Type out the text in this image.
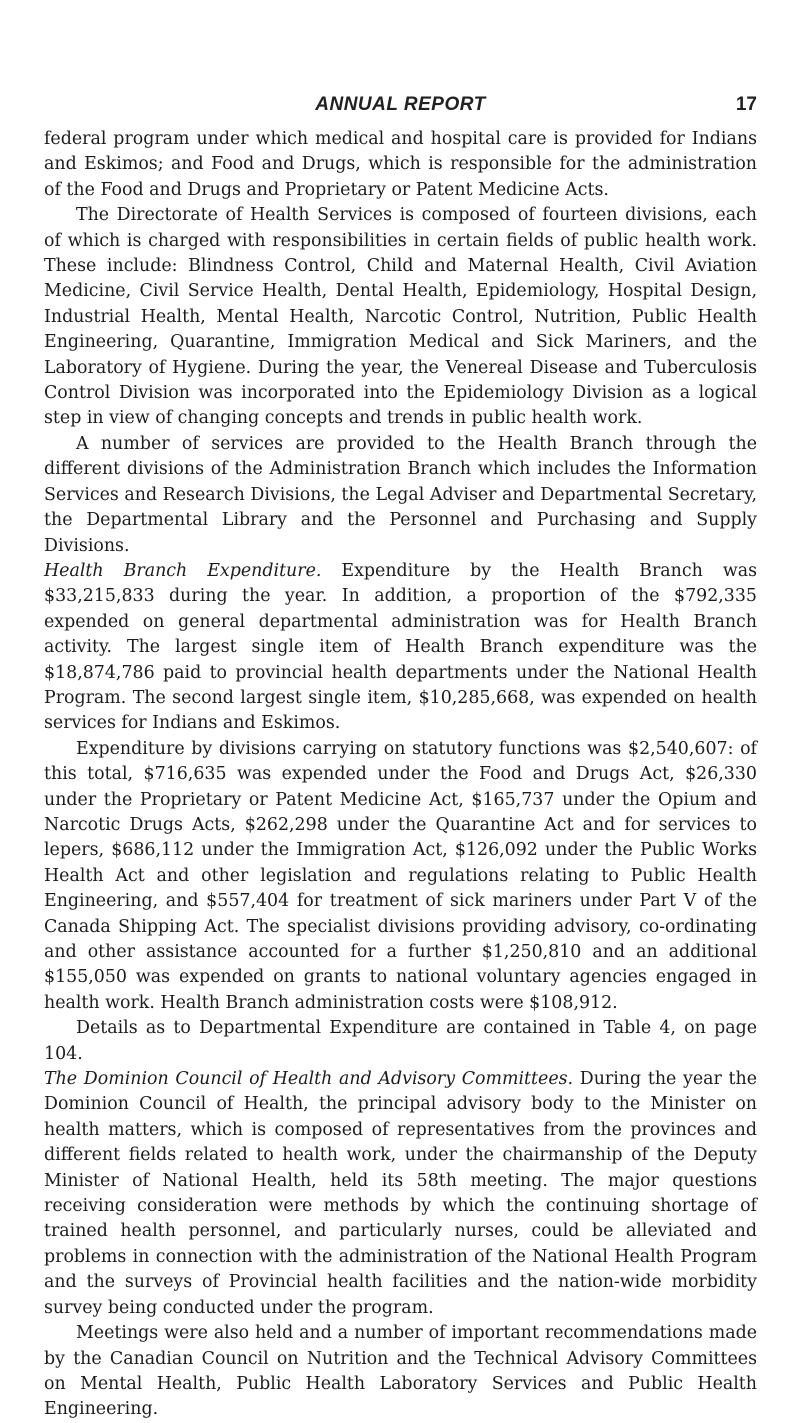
ANNUAL REPORT	17

federal program under which medical and hospital care is provided for Indians and Eskimos; and Food and Drugs, which is responsible for the administration of the Food and Drugs and Proprietary or Patent Medicine Acts.

The Directorate of Health Services is composed of fourteen divisions, each of which is charged with responsibilities in certain fields of public health work. These include: Blindness Control, Child and Maternal Health, Civil Aviation Medicine, Civil Service Health, Dental Health, Epidemiology, Hospital Design, Industrial Health, Mental Health, Narcotic Control, Nutrition, Public Health Engineering, Quarantine, Immigration Medical and Sick Mariners, and the Laboratory of Hygiene. During the year, the Venereal Disease and Tuberculosis Control Division was incorporated into the Epidemiology Division as a logical step in view of changing concepts and trends in public health work.

A number of services are provided to the Health Branch through the different divisions of the Administration Branch which includes the Information Services and Research Divisions, the Legal Adviser and Departmental Secretary, the Departmental Library and the Personnel and Purchasing and Supply Divisions.

Health Branch Expenditure. Expenditure by the Health Branch was $33,215,833 during the year. In addition, a proportion of the $792,335 expended on general departmental administration was for Health Branch activity. The largest single item of Health Branch expenditure was the $18,874,786 paid to provincial health departments under the National Health Program. The second largest single item, $10,285,668, was expended on health services for Indians and Eskimos.

Expenditure by divisions carrying on statutory functions was $2,540,607: of this total, $716,635 was expended under the Food and Drugs Act, $26,330 under the Proprietary or Patent Medicine Act, $165,737 under the Opium and Narcotic Drugs Acts, $262,298 under the Quarantine Act and for services to lepers, $686,112 under the Immigration Act, $126,092 under the Public Works Health Act and other legislation and regulations relating to Public Health Engineering, and $557,404 for treatment of sick mariners under Part V of the Canada Shipping Act. The specialist divisions providing advisory, co-ordinating and other assistance accounted for a further $1,250,810 and an additional $155,050 was expended on grants to national voluntary agencies engaged in health work. Health Branch administration costs were $108,912.

Details as to Departmental Expenditure are contained in Table 4, on page 104.

The Dominion Council of Health and Advisory Committees. During the year the Dominion Council of Health, the principal advisory body to the Minister on health matters, which is composed of representatives from the provinces and different fields related to health work, under the chairmanship of the Deputy Minister of National Health, held its 58th meeting. The major questions receiving consideration were methods by which the continuing shortage of trained health personnel, and particularly nurses, could be alleviated and problems in connection with the administration of the National Health Program and the surveys of Provincial health facilities and the nation-wide morbidity survey being conducted under the program.

Meetings were also held and a number of important recommendations made by the Canadian Council on Nutrition and the Technical Advisory Committees on Mental Health, Public Health Laboratory Services and Public Health Engineering.
